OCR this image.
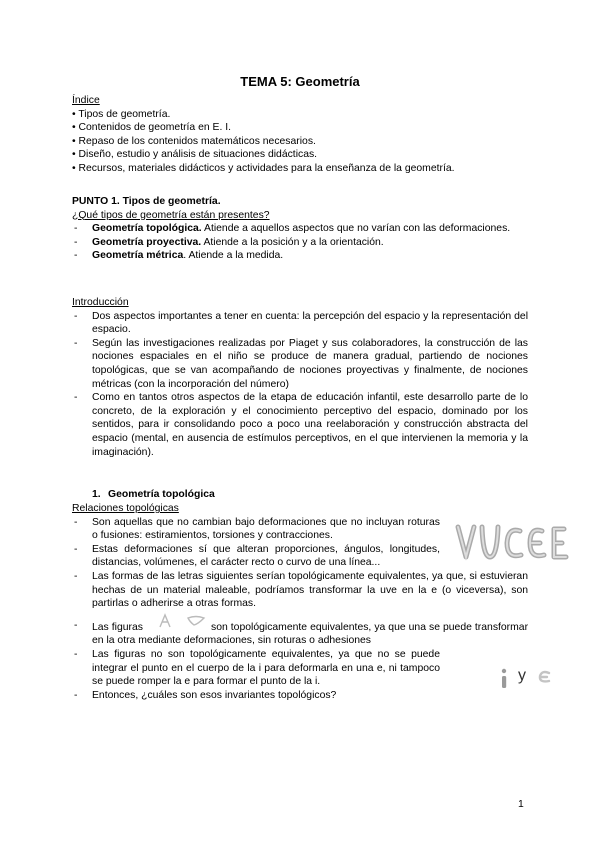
TEMA 5: Geometría
Índice
• Tipos de geometría.
• Contenidos de geometría en E. I.
• Repaso de los contenidos matemáticos necesarios.
• Diseño, estudio y análisis de situaciones didácticas.
• Recursos, materiales didácticos y actividades para la enseñanza de la geometría.
PUNTO 1. Tipos de geometría.
¿Qué tipos de geometría están presentes?
- Geometría topológica. Atiende a aquellos aspectos que no varían con las deformaciones.
- Geometría proyectiva. Atiende a la posición y a la orientación.
- Geometría métrica. Atiende a la medida.
Introducción
- Dos aspectos importantes a tener en cuenta: la percepción del espacio y la representación del espacio.
- Según las investigaciones realizadas por Piaget y sus colaboradores, la construcción de las nociones espaciales en el niño se produce de manera gradual, partiendo de nociones topológicas, que se van acompañando de nociones proyectivas y finalmente, de nociones métricas (con la incorporación del número)
- Como en tantos otros aspectos de la etapa de educación infantil, este desarrollo parte de lo concreto, de la exploración y el conocimiento perceptivo del espacio, dominado por los sentidos, para ir consolidando poco a poco una reelaboración y construcción abstracta del espacio (mental, en ausencia de estímulos perceptivos, en el que intervienen la memoria y la imaginación).
1. Geometría topológica
Relaciones topológicas
- Son aquellas que no cambian bajo deformaciones que no incluyan roturas o fusiones: estiramientos, torsiones y contracciones.
- Estas deformaciones sí que alteran proporciones, ángulos, longitudes, distancias, volúmenes, el carácter recto o curvo de una línea...
- Las formas de las letras siguientes serían topológicamente equivalentes, ya que, si estuvieran hechas de un material maleable, podríamos transformar la uve en la e (o viceversa), son partirlas o adherirse a otras formas.
- Las figuras	son topológicamente equivalentes, ya que una se puede transformar en la otra mediante deformaciones, sin roturas o adhesiones
- Las figuras no son topológicamente equivalentes, ya que no se puede integrar el punto en el cuerpo de la i para deformarla en una e, ni tampoco se puede romper la e para formar el punto de la i.
- Entonces, ¿cuáles son esos invariantes topológicos?
y
1
